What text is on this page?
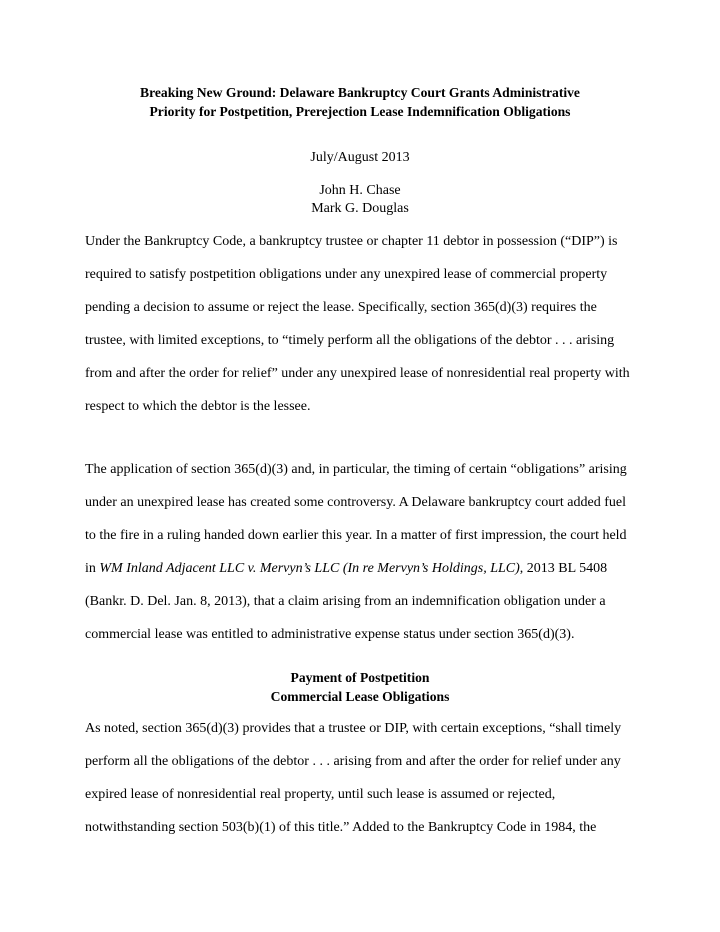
Breaking New Ground: Delaware Bankruptcy Court Grants Administrative
Priority for Postpetition, Prerejection Lease Indemnification Obligations
July/August 2013
John H. Chase
Mark G. Douglas
Under the Bankruptcy Code, a bankruptcy trustee or chapter 11 debtor in possession (“DIP”) is
required to satisfy postpetition obligations under any unexpired lease of commercial property
pending a decision to assume or reject the lease. Specifically, section 365(d)(3) requires the
trustee, with limited exceptions, to “timely perform all the obligations of the debtor . . . arising
from and after the order for relief” under any unexpired lease of nonresidential real property with
respect to which the debtor is the lessee.
The application of section 365(d)(3) and, in particular, the timing of certain “obligations” arising
under an unexpired lease has created some controversy. A Delaware bankruptcy court added fuel
to the fire in a ruling handed down earlier this year. In a matter of first impression, the court held
in WM Inland Adjacent LLC v. Mervyn’s LLC (In re Mervyn’s Holdings, LLC), 2013 BL 5408
(Bankr. D. Del. Jan. 8, 2013), that a claim arising from an indemnification obligation under a
commercial lease was entitled to administrative expense status under section 365(d)(3).
Payment of Postpetition
Commercial Lease Obligations
As noted, section 365(d)(3) provides that a trustee or DIP, with certain exceptions, “shall timely
perform all the obligations of the debtor . . . arising from and after the order for relief under any
expired lease of nonresidential real property, until such lease is assumed or rejected,
notwithstanding section 503(b)(1) of this title.” Added to the Bankruptcy Code in 1984, the
